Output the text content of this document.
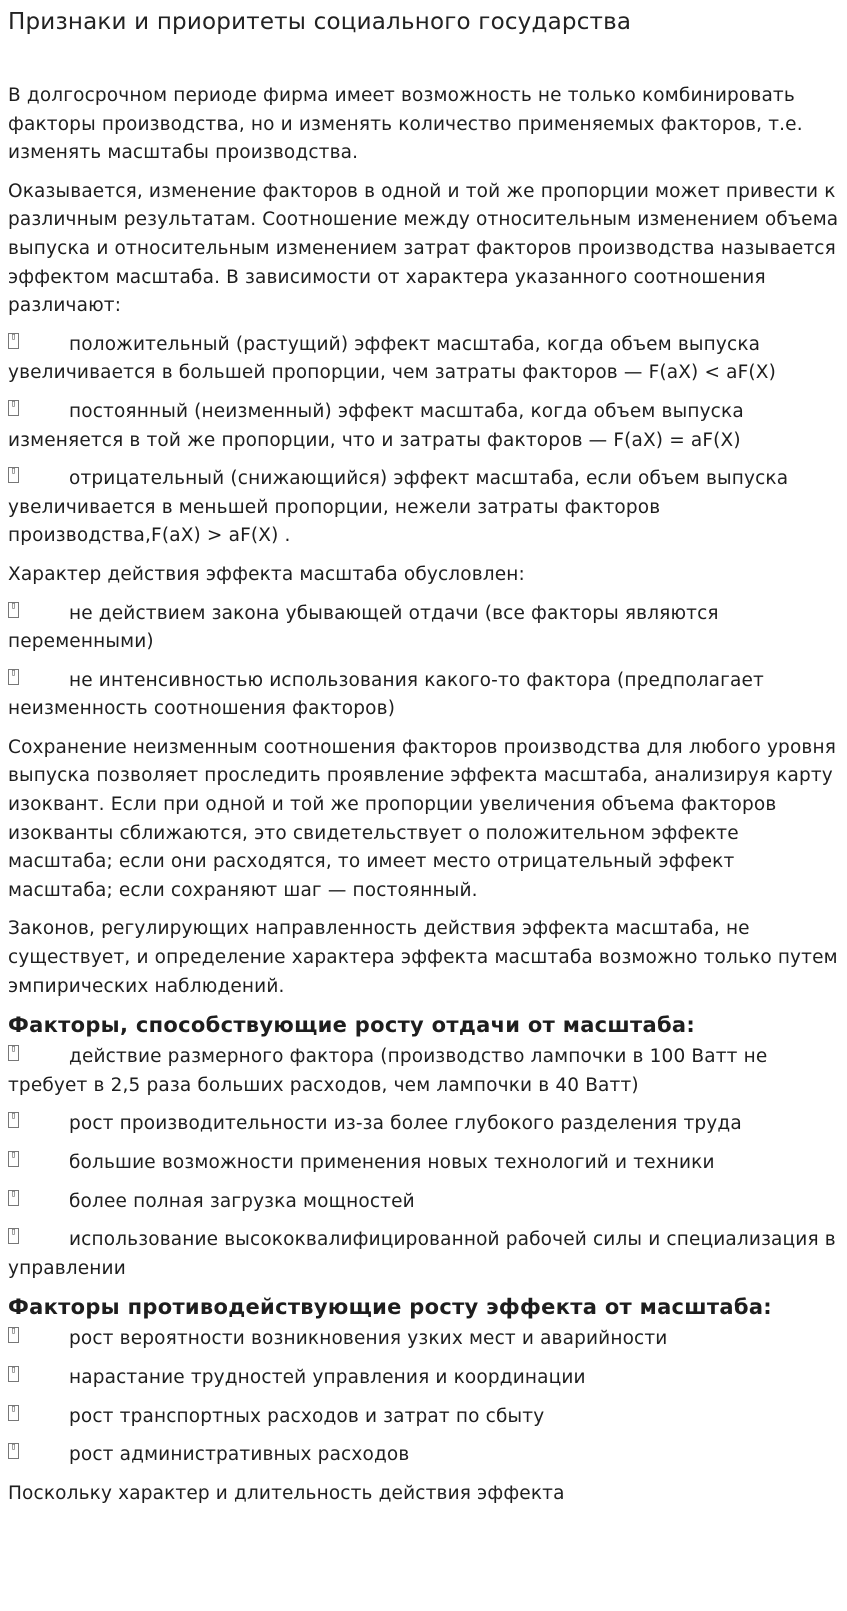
Признаки и приоритеты социального государства

В долгосрочном периоде фирма имеет возможность не только комбинировать факторы производства, но и изменять количество применяемых факторов, т.е. изменять масштабы производства.

Оказывается, изменение факторов в одной и той же пропорции может привести к различным результатам. Соотношение между относительным изменением объема выпуска и относительным изменением затрат факторов производства называется эффектом масштаба. В зависимости от характера указанного соотношения различают:

▯	положительный (растущий) эффект масштаба, когда объем выпуска увеличивается в большей пропорции, чем затраты факторов — F(aX) < aF(X)

▯	постоянный (неизменный) эффект масштаба, когда объем выпуска изменяется в той же пропорции, что и затраты факторов — F(aX) = aF(X)

▯	отрицательный (снижающийся) эффект масштаба, если объем выпуска увеличивается в меньшей пропорции, нежели затраты факторов производства,F(aX) > aF(X) .

Характер действия эффекта масштаба обусловлен:

▯	не действием закона убывающей отдачи (все факторы являются переменными)

▯	не интенсивностью использования какого-то фактора (предполагает неизменность соотношения факторов)

Сохранение неизменным соотношения факторов производства для любого уровня выпуска позволяет проследить проявление эффекта масштаба, анализируя карту изоквант. Если при одной и той же пропорции увеличения объема факторов изокванты сближаются, это свидетельствует о положительном эффекте масштаба; если они расходятся, то имеет место отрицательный эффект масштаба; если сохраняют шаг — постоянный.

Законов, регулирующих направленность действия эффекта масштаба, не существует, и определение характера эффекта масштаба возможно только путем эмпирических наблюдений.

Факторы, способствующие росту отдачи от масштаба:

▯	действие размерного фактора (производство лампочки в 100 Ватт не требует в 2,5 раза больших расходов, чем лампочки в 40 Ватт)

▯	рост производительности из-за более глубокого разделения труда

▯	большие возможности применения новых технологий и техники

▯	более полная загрузка мощностей

▯	использование высококвалифицированной рабочей силы и специализация в управлении

Факторы противодействующие росту эффекта от масштаба:

▯	рост вероятности возникновения узких мест и аварийности

▯	нарастание трудностей управления и координации

▯	рост транспортных расходов и затрат по сбыту

▯	рост административных расходов

Поскольку характер и длительность действия эффекта
